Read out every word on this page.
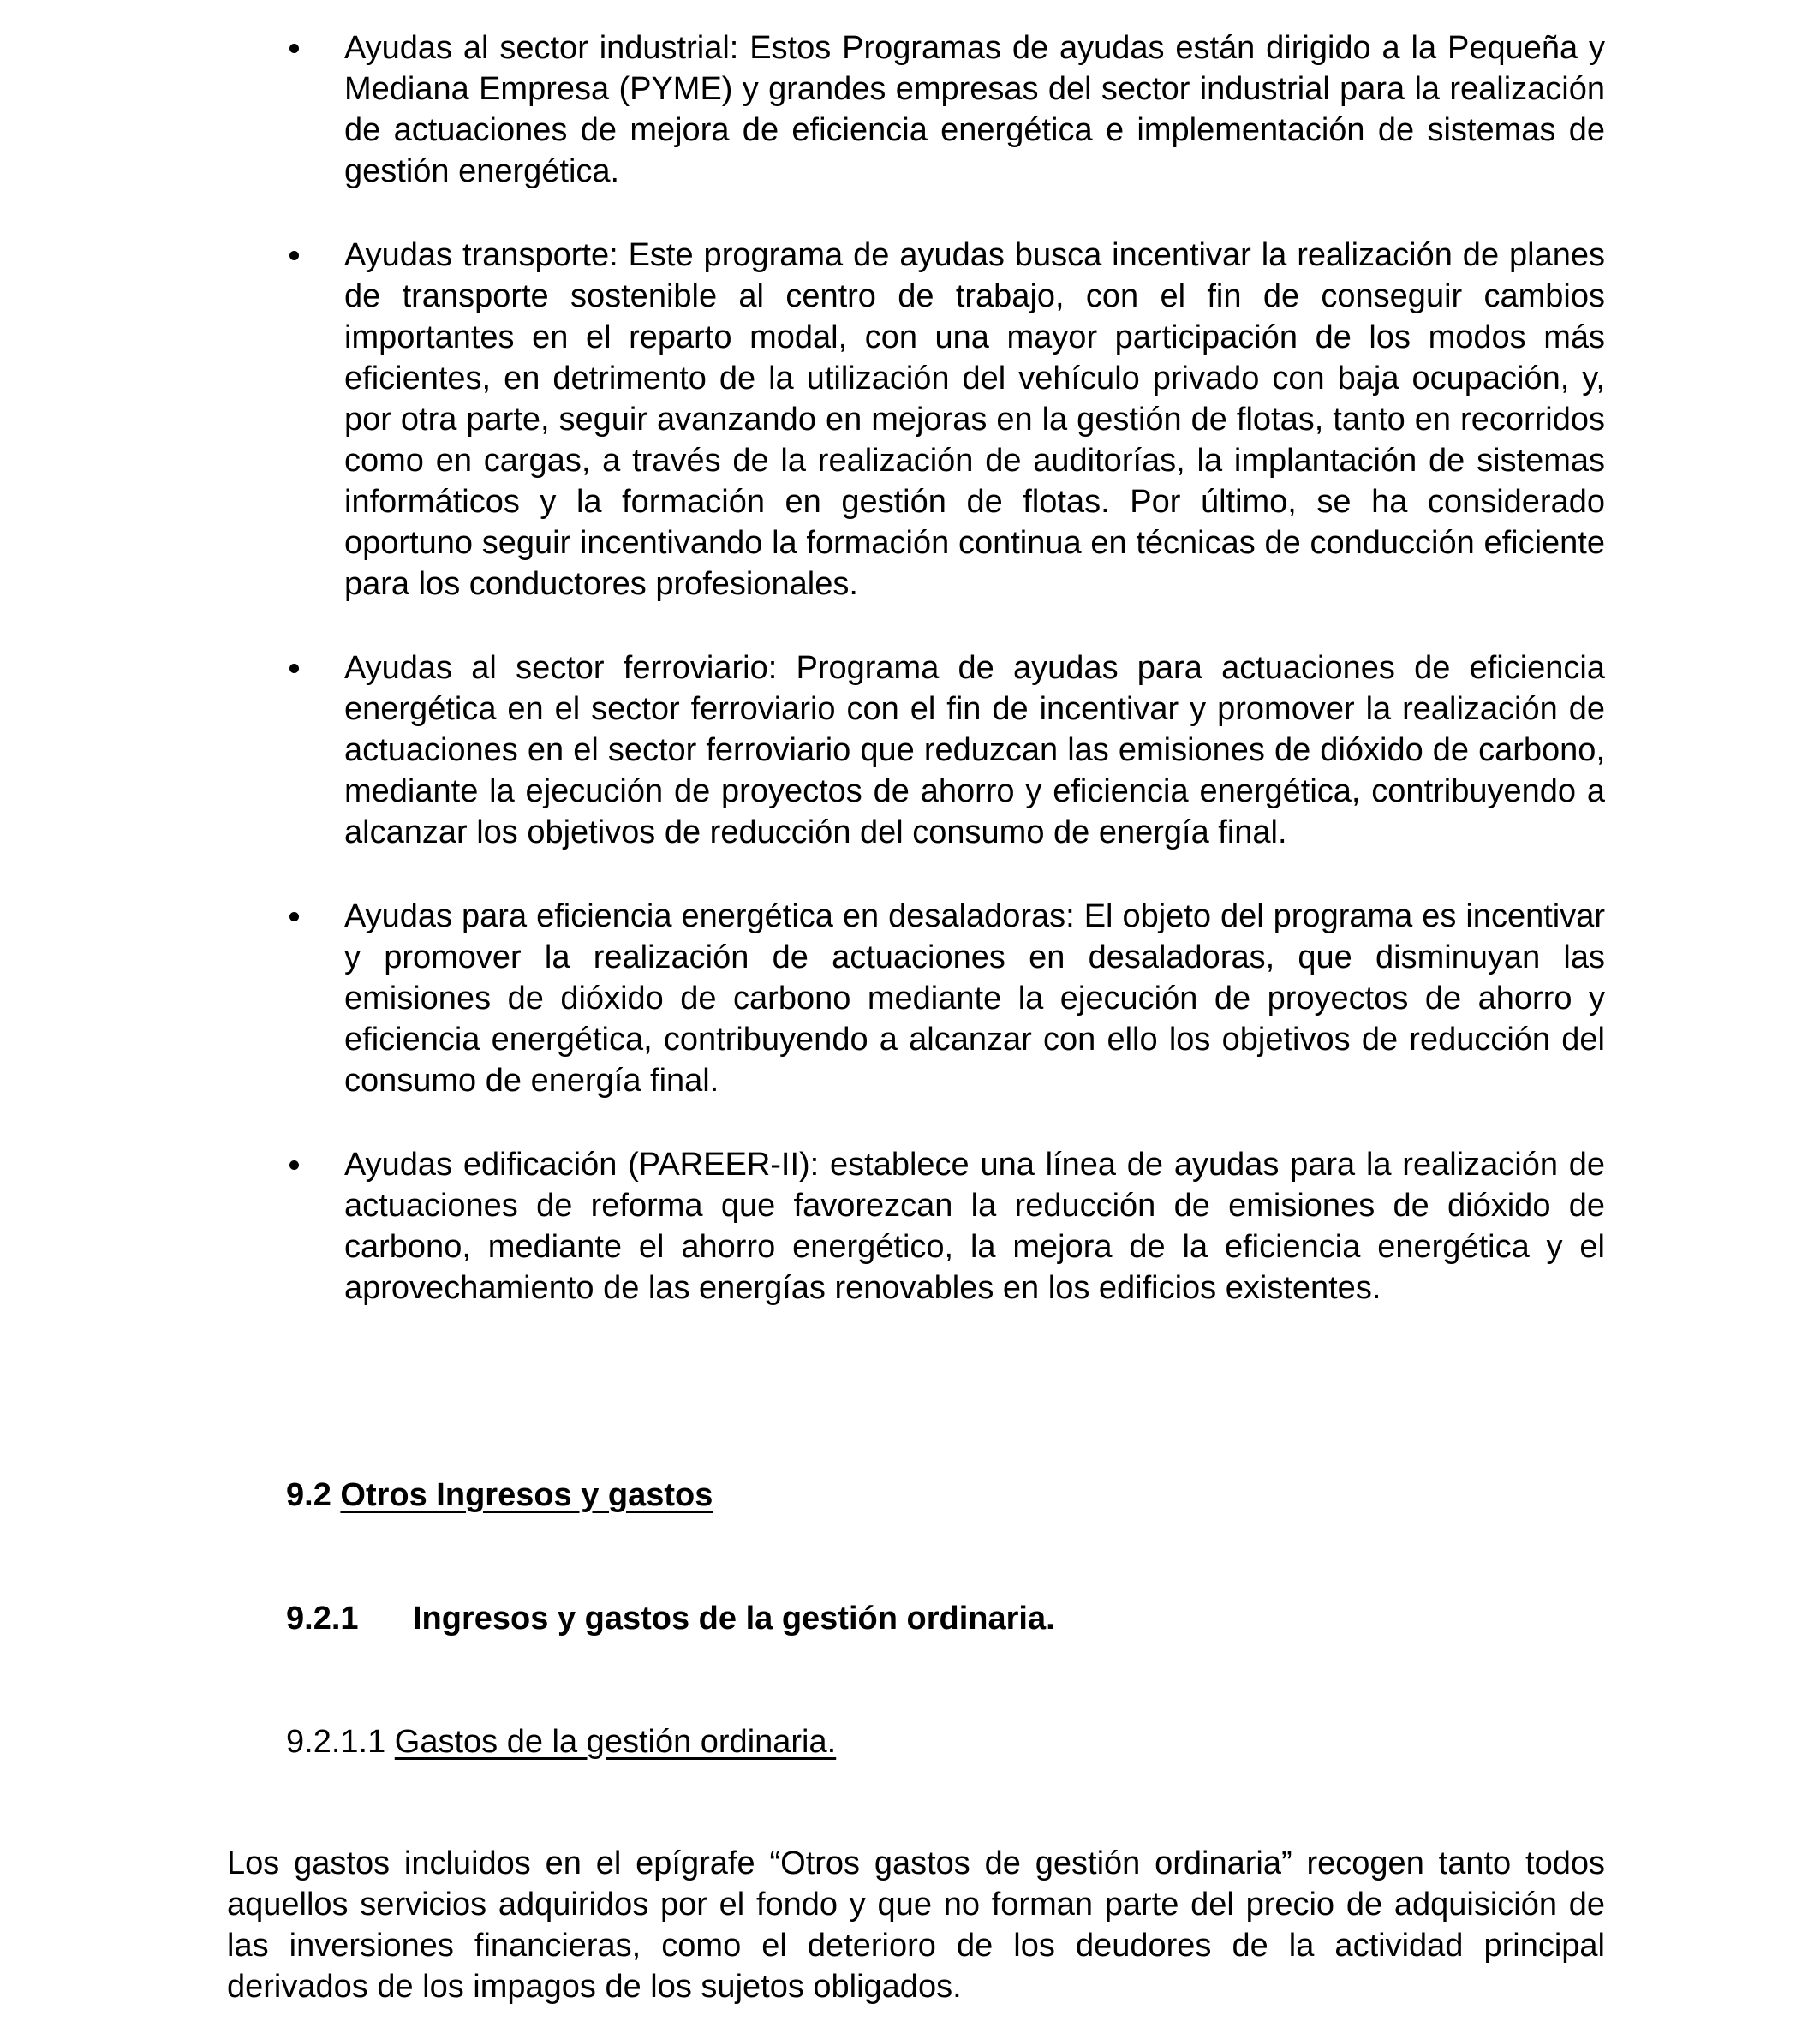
Ayudas al sector industrial: Estos Programas de ayudas están dirigido a la Pequeña y Mediana Empresa (PYME) y grandes empresas del sector industrial para la realización de actuaciones de mejora de eficiencia energética e implementación de sistemas de gestión energética.
Ayudas transporte: Este programa de ayudas busca incentivar la realización de planes de transporte sostenible al centro de trabajo, con el fin de conseguir cambios importantes en el reparto modal, con una mayor participación de los modos más eficientes, en detrimento de la utilización del vehículo privado con baja ocupación, y, por otra parte, seguir avanzando en mejoras en la gestión de flotas, tanto en recorridos como en cargas, a través de la realización de auditorías, la implantación de sistemas informáticos y la formación en gestión de flotas. Por último, se ha considerado oportuno seguir incentivando la formación continua en técnicas de conducción eficiente para los conductores profesionales.
Ayudas al sector ferroviario: Programa de ayudas para actuaciones de eficiencia energética en el sector ferroviario con el fin de incentivar y promover la realización de actuaciones en el sector ferroviario que reduzcan las emisiones de dióxido de carbono, mediante la ejecución de proyectos de ahorro y eficiencia energética, contribuyendo a alcanzar los objetivos de reducción del consumo de energía final.
Ayudas para eficiencia energética en desaladoras: El objeto del programa es incentivar y promover la realización de actuaciones en desaladoras, que disminuyan las emisiones de dióxido de carbono mediante la ejecución de proyectos de ahorro y eficiencia energética, contribuyendo a alcanzar con ello los objetivos de reducción del consumo de energía final.
Ayudas edificación (PAREER-II): establece una línea de ayudas para la realización de actuaciones de reforma que favorezcan la reducción de emisiones de dióxido de carbono, mediante el ahorro energético, la mejora de la eficiencia energética y el aprovechamiento de las energías renovables en los edificios existentes.
9.2 Otros Ingresos y gastos
9.2.1 Ingresos y gastos de la gestión ordinaria.
9.2.1.1 Gastos de la gestión ordinaria.

Los gastos incluidos en el epígrafe “Otros gastos de gestión ordinaria” recogen tanto todos aquellos servicios adquiridos por el fondo y que no forman parte del precio de adquisición de las inversiones financieras, como el deterioro de los deudores de la actividad principal derivados de los impagos de los sujetos obligados.
